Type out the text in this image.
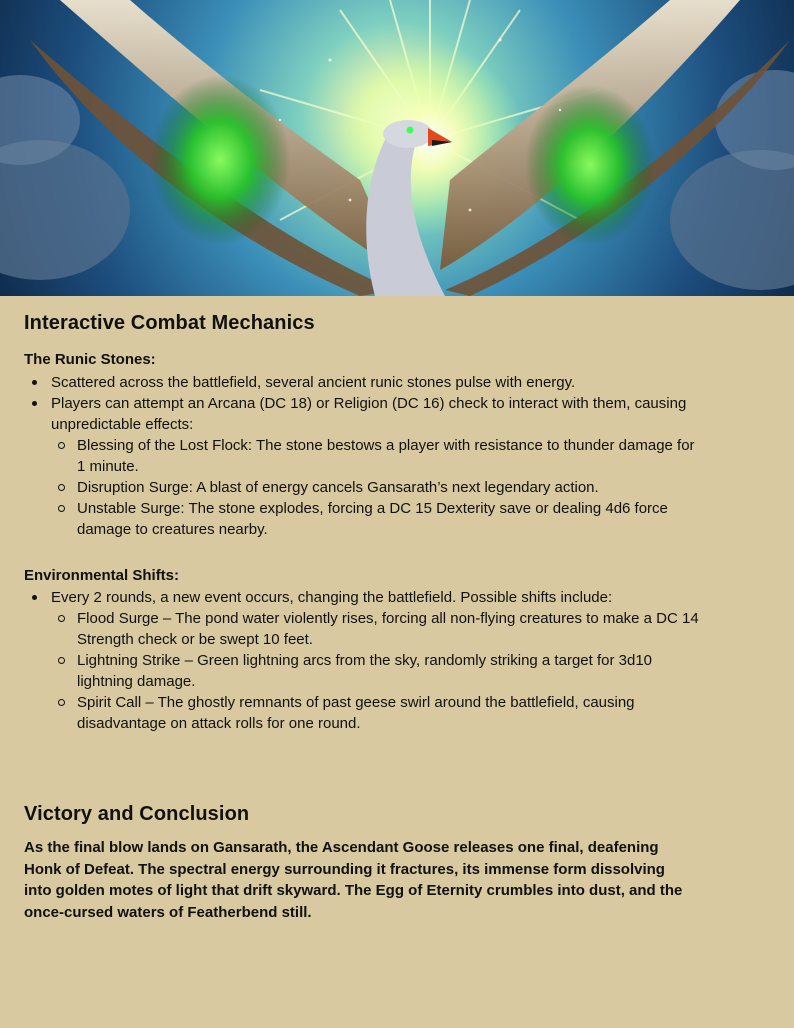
Interactive Combat Mechanics
The Runic Stones:
Scattered across the battlefield, several ancient runic stones pulse with energy.
Players can attempt an Arcana (DC 18) or Religion (DC 16) check to interact with them, causing unpredictable effects:
Blessing of the Lost Flock: The stone bestows a player with resistance to thunder damage for 1 minute.
Disruption Surge: A blast of energy cancels Gansarath’s next legendary action.
Unstable Surge: The stone explodes, forcing a DC 15 Dexterity save or dealing 4d6 force damage to creatures nearby.
Environmental Shifts:
Every 2 rounds, a new event occurs, changing the battlefield. Possible shifts include:
Flood Surge – The pond water violently rises, forcing all non-flying creatures to make a DC 14 Strength check or be swept 10 feet.
Lightning Strike – Green lightning arcs from the sky, randomly striking a target for 3d10 lightning damage.
Spirit Call – The ghostly remnants of past geese swirl around the battlefield, causing disadvantage on attack rolls for one round.
Victory and Conclusion

As the final blow lands on Gansarath, the Ascendant Goose releases one final, deafening Honk of Defeat. The spectral energy surrounding it fractures, its immense form dissolving into golden motes of light that drift skyward. The Egg of Eternity crumbles into dust, and the once-cursed waters of Featherbend still.
